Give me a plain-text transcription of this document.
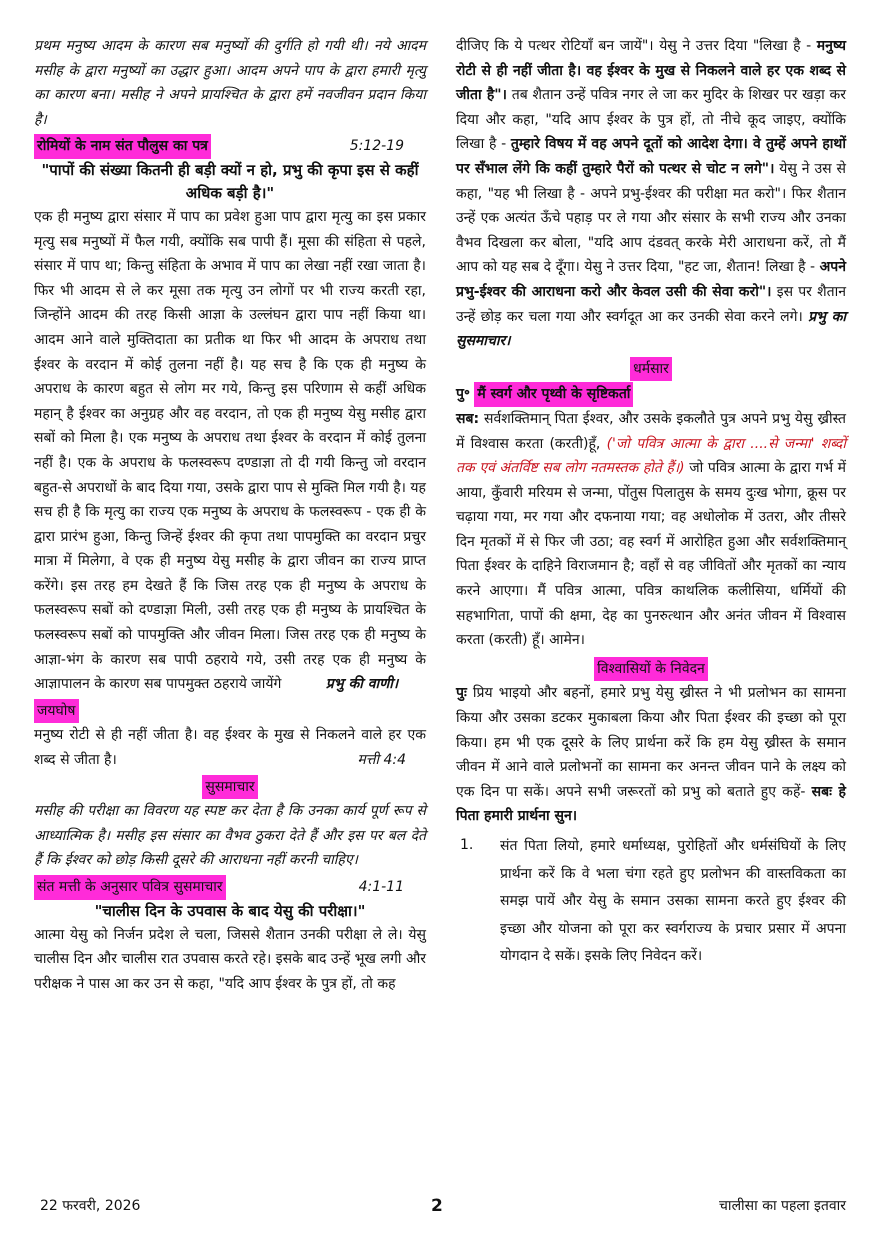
प्रथम मनुष्य आदम के कारण सब मनुष्यों की दुर्गति हो गयी थी। नये आदम मसीह के द्वारा मनुष्यों का उद्धार हुआ। आदम अपने पाप के द्वारा हमारी मृत्यु का कारण बना। मसीह ने अपने प्रायश्चित के द्वारा हमें नवजीवन प्रदान किया है।

रोमियों के नाम संत पौलुस का पत्र	5:12-19

"पापों की संख्या कितनी ही बड़ी क्यों न हो, प्रभु की कृपा इस से कहीं अधिक बड़ी है।"

एक ही मनुष्य द्वारा संसार में पाप का प्रवेश हुआ पाप द्वारा मृत्यु का इस प्रकार मृत्यु सब मनुष्यों में फैल गयी, क्योंकि सब पापी हैं। मूसा की संहिता से पहले, संसार में पाप था; किन्तु संहिता के अभाव में पाप का लेखा नहीं रखा जाता है। फिर भी आदम से ले कर मूसा तक मृत्यु उन लोगों पर भी राज्य करती रहा, जिन्होंने आदम की तरह किसी आज्ञा के उल्लंघन द्वारा पाप नहीं किया था। आदम आने वाले मुक्तिदाता का प्रतीक था फिर भी आदम के अपराध तथा ईश्वर के वरदान में कोई तुलना नहीं है। यह सच है कि एक ही मनुष्य के अपराध के कारण बहुत से लोग मर गये, किन्तु इस परिणाम से कहीं अधिक महान्‌ है ईश्वर का अनुग्रह और वह वरदान, तो एक ही मनुष्य येसु मसीह द्वारा सबों को मिला है। एक मनुष्य के अपराध तथा ईश्वर के वरदान में कोई तुलना नहीं है। एक के अपराध के फलस्वरूप दण्डाज्ञा तो दी गयी किन्तु जो वरदान बहुत-से अपराधों के बाद दिया गया, उसके द्वारा पाप से मुक्ति मिल गयी है। यह सच ही है कि मृत्यु का राज्य एक मनुष्य के अपराध के फलस्वरूप - एक ही के द्वारा प्रारंभ हुआ, किन्तु जिन्हें ईश्वर की कृपा तथा पापमुक्ति का वरदान प्रचुर मात्रा में मिलेगा, वे एक ही मनुष्य येसु मसीह के द्वारा जीवन का राज्य प्राप्त करेंगे। इस तरह हम देखते हैं कि जिस तरह एक ही मनुष्य के अपराध के फलस्वरूप सबों को दण्डाज्ञा मिली, उसी तरह एक ही मनुष्य के प्रायश्चित के फलस्वरूप सबों को पापमुक्ति और जीवन मिला। जिस तरह एक ही मनुष्य के आज्ञा-भंग के कारण सब पापी ठहराये गये, उसी तरह एक ही मनुष्य के आज्ञापालन के कारण सब पापमुक्त ठहराये जायेंगे	प्रभु की वाणी।

जयघोष

मनुष्य रोटी से ही नहीं जीता है। वह ईश्वर के मुख से निकलने वाले हर एक शब्द से जीता है।	मत्ती 4:4

सुसमाचार

मसीह की परीक्षा का विवरण यह स्पष्ट कर देता है कि उनका कार्य पूर्ण रूप से आध्यात्मिक है। मसीह इस संसार का वैभव ठुकरा देते हैं और इस पर बल देते हैं कि ईश्वर को छोड़ किसी दूसरे की आराधना नहीं करनी चाहिए।

संत मत्ती के अनुसार पवित्र सुसमाचार	4:1-11

"चालीस दिन के उपवास के बाद येसु की परीक्षा।"

आत्मा येसु को निर्जन प्रदेश ले चला, जिससे शैतान उनकी परीक्षा ले ले। येसु चालीस दिन और चालीस रात उपवास करते रहे। इसके बाद उन्हें भूख लगी और परीक्षक ने पास आ कर उन से कहा, "यदि आप ईश्वर के पुत्र हों, तो कह

दीजिए कि ये पत्थर रोटियाँ बन जायें"। येसु ने उत्तर दिया "लिखा है - मनुष्य रोटी से ही नहीं जीता है। वह ईश्वर के मुख से निकलने वाले हर एक शब्द से जीता है"। तब शैतान उन्हें पवित्र नगर ले जा कर मुदिर के शिखर पर खड़ा कर दिया और कहा, "यदि आप ईश्वर के पुत्र हों, तो नीचे कूद जाइए, क्योंकि लिखा है - तुम्हारे विषय में वह अपने दूतों को आदेश देगा। वे तुम्हें अपने हाथों पर सँभाल लेंगे कि कहीं तुम्हारे पैरों को पत्थर से चोट न लगे"। येसु ने उस से कहा, "यह भी लिखा है - अपने प्रभु-ईश्वर की परीक्षा मत करो"। फिर शैतान उन्हें एक अत्यंत ऊँचे पहाड़ पर ले गया और संसार के सभी राज्य और उनका वैभव दिखला कर बोला, "यदि आप दंडवत्‌ करके मेरी आराधना करें, तो मैं आप को यह सब दे दूँगा। येसु ने उत्तर दिया, "हट जा, शैतान! लिखा है - अपने प्रभु-ईश्वर की आराधना करो और केवल उसी की सेवा करो"। इस पर शैतान उन्हें छोड़ कर चला गया और स्वर्गदूत आ कर उनकी सेवा करने लगे। प्रभु का सुसमाचार।

धर्मसार
पु॰ मैं स्वर्ग और पृथ्वी के सृष्टिकर्ता

सब: सर्वशक्तिमान्‌ पिता ईश्वर, और उसके इकलौते पुत्र अपने प्रभु येसु ख्रीस्त में विश्वास करता (करती)हूँ, ('जो पवित्र आत्मा के द्वारा ....से जन्मा' शब्दों तक एवं अंतर्विष्ट सब लोग नतमस्तक होते हैं।) जो पवित्र आत्मा के द्वारा गर्भ में आया, कुँवारी मरियम से जन्मा, पोंतुस पिलातुस के समय दुःख भोगा, क्रूस पर चढ़ाया गया, मर गया और दफनाया गया; वह अधोलोक में उतरा, और तीसरे दिन मृतकों में से फिर जी उठा; वह स्वर्ग में आरोहित हुआ और सर्वशक्तिमान्‌ पिता ईश्वर के दाहिने विराजमान है; वहाँ से वह जीवितों और मृतकों का न्याय करने आएगा। मैं पवित्र आत्मा, पवित्र काथलिक कलीसिया, धर्मियों की सहभागिता, पापों की क्षमा, देह का पुनरुत्थान और अनंत जीवन में विश्वास करता (करती) हूँ। आमेन।

विश्वासियों के निवेदन

पुः प्रिय भाइयो और बहनों, हमारे प्रभु येसु ख्रीस्त ने भी प्रलोभन का सामना किया और उसका डटकर मुकाबला किया और पिता ईश्वर की इच्छा को पूरा किया। हम भी एक दूसरे के लिए प्रार्थना करें कि हम येसु ख्रीस्त के समान जीवन में आने वाले प्रलोभनों का सामना कर अनन्त जीवन पाने के लक्ष्य को एक दिन पा सकें। अपने सभी जरूरतों को प्रभु को बताते हुए कहें- सबः हे पिता हमारी प्रार्थना सुन।

1.	संत पिता लियो, हमारे धर्माध्यक्ष, पुरोहितों और धर्मसंघियों के लिए प्रार्थना करें कि वे भला चंगा रहते हुए प्रलोभन की वास्तविकता का समझ पायें और येसु के समान उसका सामना करते हुए ईश्वर की इच्छा और योजना को पूरा कर स्वर्गराज्य के प्रचार प्रसार में अपना योगदान दे सकें। इसके लिए निवेदन करें।

22 फरवरी, 2026	2	चालीसा का पहला इतवार
